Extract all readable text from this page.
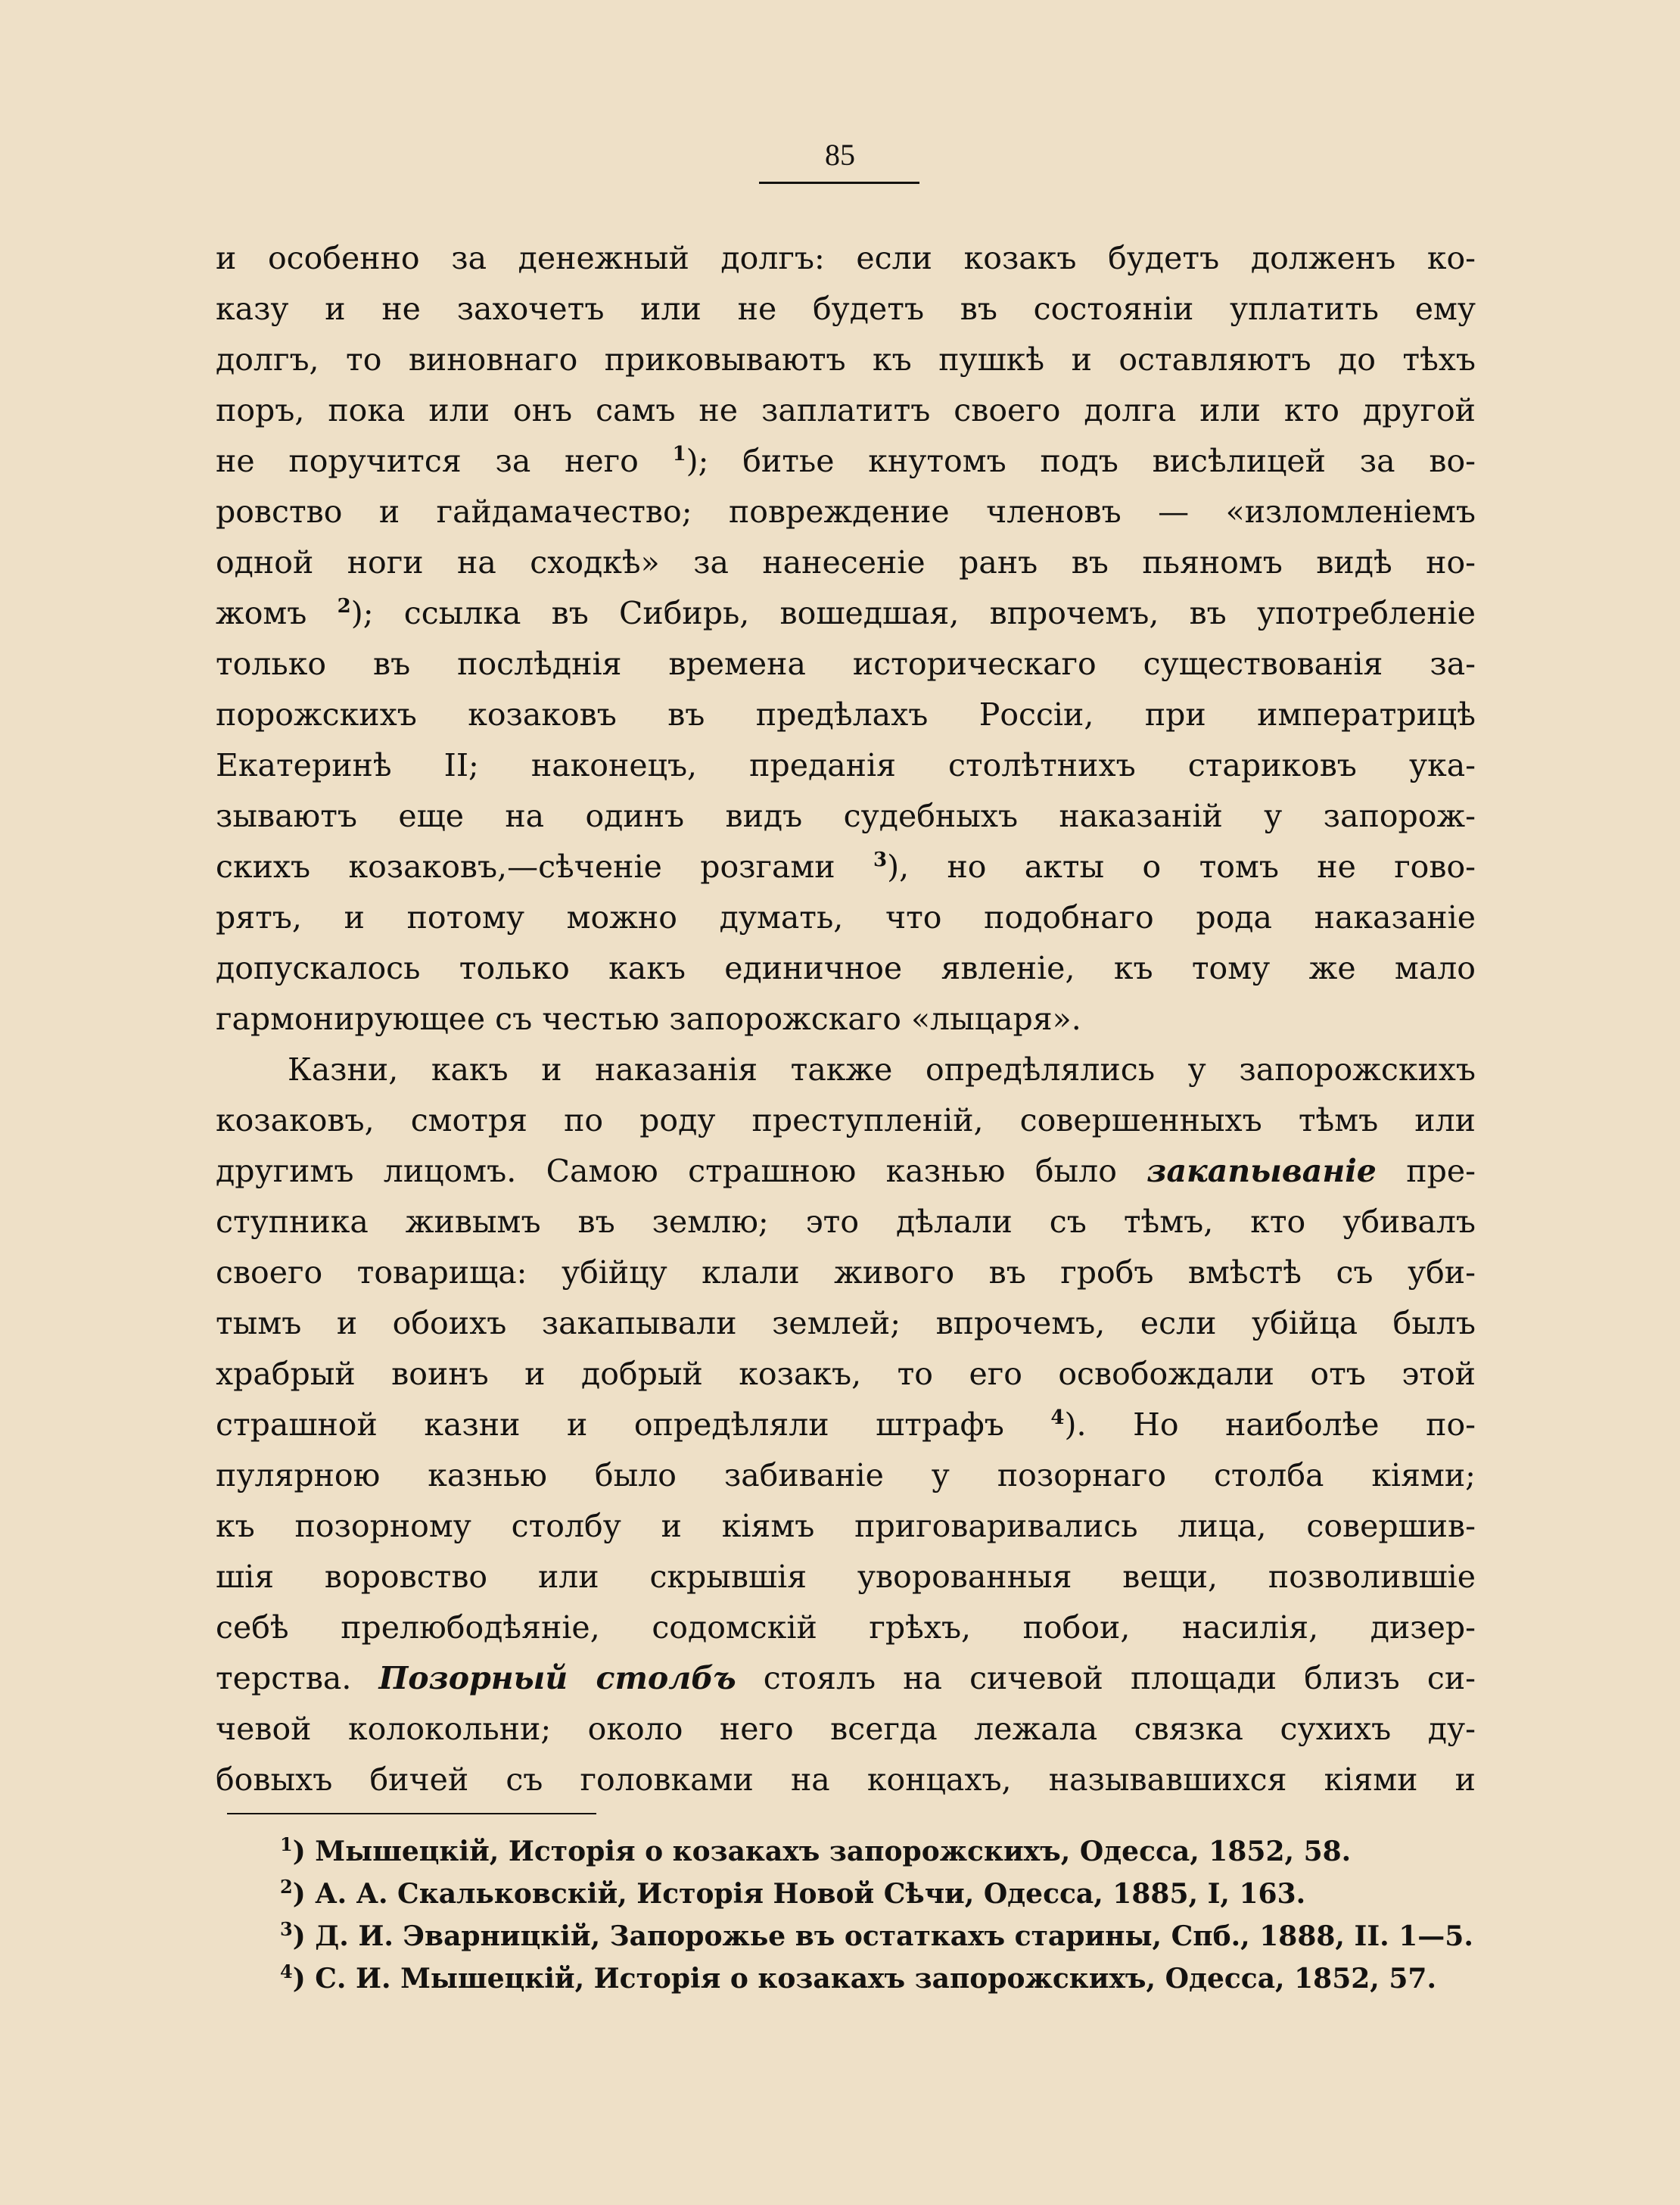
85
и особенно за денежный долгъ: если козакъ будетъ долженъ ко-
казу и не захочетъ или не будетъ въ состоянiи уплатить ему
долгъ, то виновнаго приковываютъ къ пушкѣ и оставляютъ до тѣхъ
поръ, пока или онъ самъ не заплатитъ своего долга или кто другой
не поручится за него $^1$); битье кнутомъ подъ висѣлицей за во-
ровство и гайдамачество; повреждение членовъ — «изломленiемъ
одной ноги на сходкѣ» за нанесенiе ранъ въ пьяномъ видѣ но-
жомъ $^2$); ссылка въ Сибирь, вошедшая, впрочемъ, въ употребленiе
только въ послѣднiя времена историческаго существованiя за-
порожскихъ козаковъ въ предѣлахъ Россiи, при императрицѣ
Екатеринѣ II; наконецъ, преданiя столѣтнихъ стариковъ ука-
зываютъ еще на одинъ видъ судебныхъ наказанiй у запорож-
скихъ козаковъ,—сѣченiе розгами $^3$), но акты о томъ не гово-
рятъ, и потому можно думать, что подобнаго рода наказанiе
допускалось только какъ единичное явленiе, къ тому же мало
гармонирующее съ честью запорожскаго «лыцаря».
Казни, какъ и наказанiя также опредѣлялись у запорожскихъ
козаковъ, смотря по роду преступленiй, совершенныхъ тѣмъ или
другимъ лицомъ. Самою страшною казнью было закапыванiе пре-
ступника живымъ въ землю; это дѣлали съ тѣмъ, кто убивалъ
своего товарища: убiйцу клали живого въ гробъ вмѣстѣ съ уби-
тымъ и обоихъ закапывали землей; впрочемъ, если убiйца былъ
храбрый воинъ и добрый козакъ, то его освобождали отъ этой
страшной казни и опредѣляли штрафъ $^4$). Но наиболѣе по-
пулярною казнью было забиванiе у позорнаго столба кiями;
къ позорному столбу и кiямъ приговаривались лица, совершив-
шiя воровство или скрывшiя уворованныя вещи, позволившiе
себѣ прелюбодѣянiе, содомскiй грѣхъ, побои, насилiя, дизер-
терства. Позорный столбъ стоялъ на сичевой площади близъ си-
чевой колокольни; около него всегда лежала связка сухихъ ду-
бовыхъ бичей съ головками на концахъ, называвшихся кiями и
$^1$) Мышецкiй, Исторiя о козакахъ запорожскихъ, Одесса, 1852, 58.
$^2$) А. А. Скальковскiй, Исторiя Новой Сѣчи, Одесса, 1885, I, 163.
$^3$) Д. И. Эварницкiй, Запорожье въ остаткахъ старины, Спб., 1888, II. 1—5.
$^4$) С. И. Мышецкiй, Исторiя о козакахъ запорожскихъ, Одесса, 1852, 57.
